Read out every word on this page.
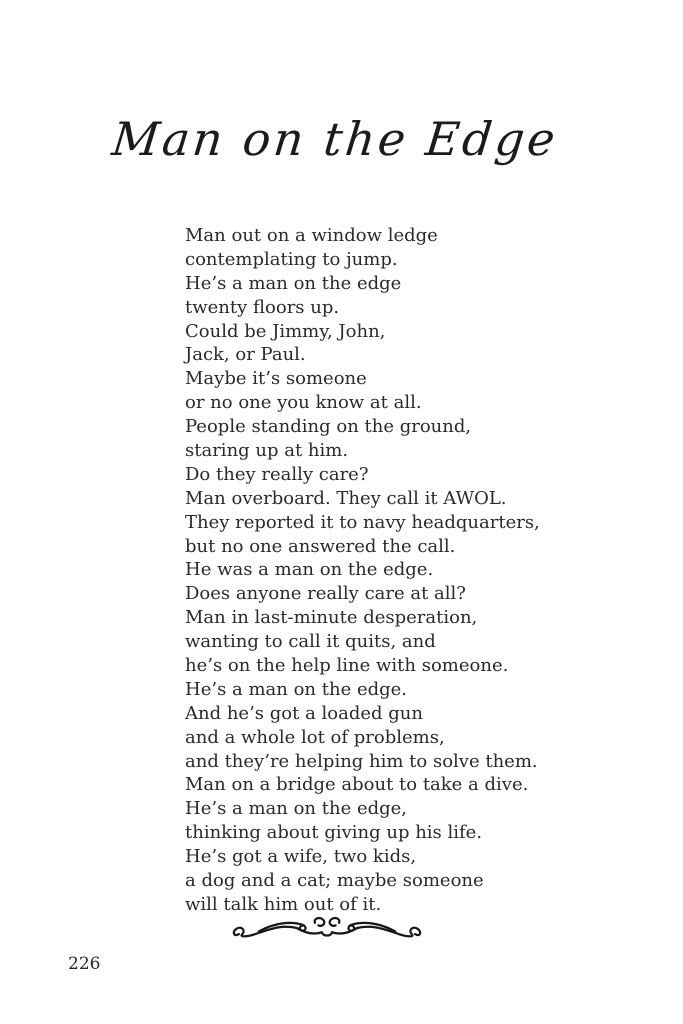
Man on the Edge
Man out on a window ledge
contemplating to jump.
He’s a man on the edge
twenty floors up.
Could be Jimmy, John,
Jack, or Paul.
Maybe it’s someone
or no one you know at all.
People standing on the ground,
staring up at him.
Do they really care?
Man overboard. They call it AWOL.
They reported it to navy headquarters,
but no one answered the call.
He was a man on the edge.
Does anyone really care at all?
Man in last-minute desperation,
wanting to call it quits, and
he’s on the help line with someone.
He’s a man on the edge.
And he’s got a loaded gun
and a whole lot of problems,
and they’re helping him to solve them.
Man on a bridge about to take a dive.
He’s a man on the edge,
thinking about giving up his life.
He’s got a wife, two kids,
a dog and a cat; maybe someone
will talk him out of it.
226
